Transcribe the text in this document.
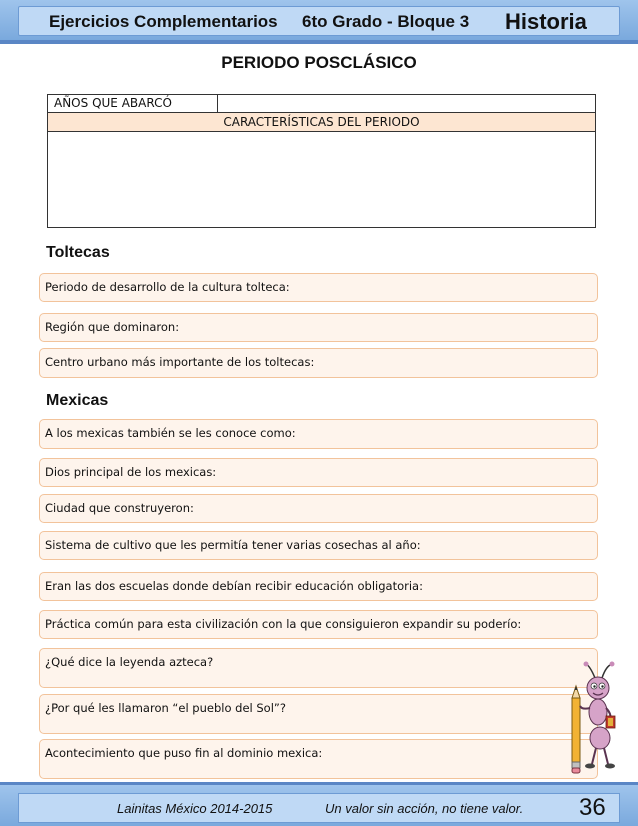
Ejercicios Complementarios 6to Grado - Bloque 3 Historia
PERIODO POSCLÁSICO
AÑOS QUE ABARCÓ
CARACTERÍSTICAS DEL PERIODO
Toltecas
Periodo de desarrollo de la cultura tolteca:
Región que dominaron:
Centro urbano más importante de los toltecas:
Mexicas
A los mexicas también se les conoce como:
Dios principal de los mexicas:
Ciudad que construyeron:
Sistema de cultivo que les permitía tener varias cosechas al año:
Eran las dos escuelas donde debían recibir educación obligatoria:
Práctica común para esta civilización con la que consiguieron expandir su poderío:
¿Qué dice la leyenda azteca?
¿Por qué les llamaron “el pueblo del Sol”?
Acontecimiento que puso fin al dominio mexica:
Lainitas México 2014-2015	Un valor sin acción, no tiene valor. 36
